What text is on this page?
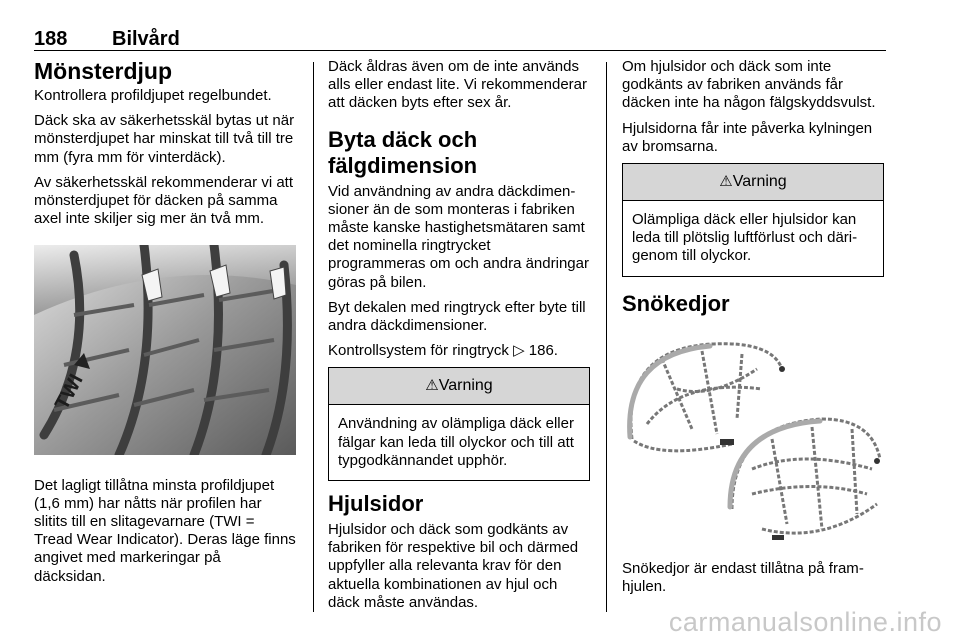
188 Bilvård
Mönsterdjup

Kontrollera profildjupet regelbundet.

Däck ska av säkerhetsskäl bytas ut när mönsterdjupet har minskat till två till tre mm (fyra mm för vinterdäck).

Av säkerhetsskäl rekommenderar vi att mönsterdjupet för däcken på samma axel inte skiljer sig mer än två mm.

TWI

Det lagligt tillåtna minsta profildjupet (1,6 mm) har nåtts när profilen har slitits till en slitagevarnare (TWI = Tread Wear Indicator). Deras läge finns angivet med markeringar på däcksidan.

Däck åldras även om de inte används alls eller endast lite. Vi rekommenderar att däcken byts efter sex år.

Byta däck och fälgdimension

Vid användning av andra däckdimensioner än de som monteras i fabriken måste kanske hastighetsmätaren samt det nominella ringtrycket programmeras om och andra ändringar göras på bilen.

Byt dekalen med ringtryck efter byte till andra däckdimensioner.

Kontrollsystem för ringtryck ▷ 186.

⚠Varning
Användning av olämpliga däck eller fälgar kan leda till olyckor och till att typgodkännandet upphör.
Hjulsidor

Hjulsidor och däck som godkänts av fabriken för respektive bil och därmed uppfyller alla relevanta krav för den aktuella kombinationen av hjul och däck måste användas.

Om hjulsidor och däck som inte godkänts av fabriken används får däcken inte ha någon fälgskyddsvulst.

Hjulsidorna får inte påverka kylningen av bromsarna.

⚠Varning
Olämpliga däck eller hjulsidor kan leda till plötslig luftförlust och därigenom till olyckor.
Snökedjor

Snökedjor är endast tillåtna på framhjulen.

carmanualsonline.info
